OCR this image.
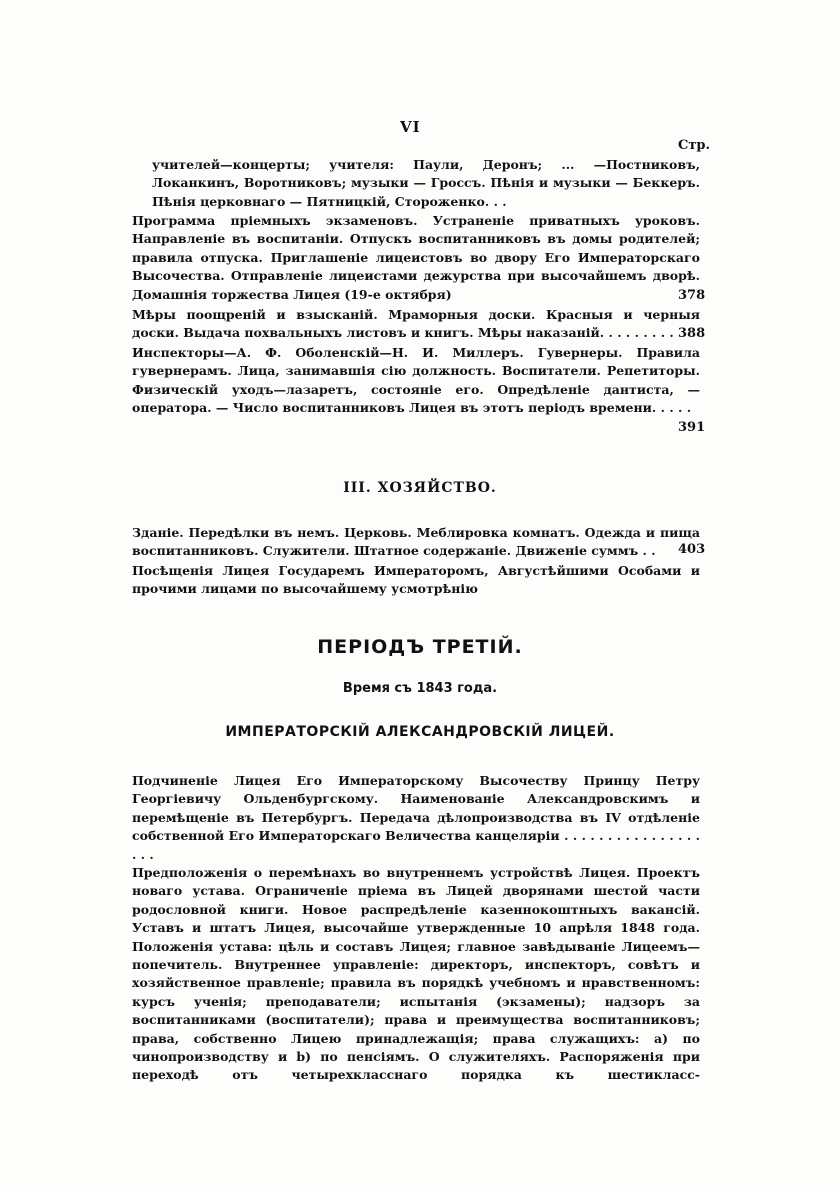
VI
Стр.

учителей—концерты; учителя: Паули, Деронъ; ... —Постниковъ, Локанкинъ, Воротниковъ; музыки — Гроссъ. Пѣнія и музыки — Беккеръ.

Пѣнія церковнаго — Пятницкій, Стороженко. . .

Программа пріемныхъ экзаменовъ. Устраненіе приватныхъ уроковъ. Направленіе въ воспитаніи. Отпускъ воспитанниковъ въ домы родителей; правила отпуска. Приглашеніе лицеистовъ во двору Его Императорскаго Высочества. Отправленіе лицеистами дежурства при высочайшемъ дворѣ. Домашнія торжества Лицея (19-е октября)	378

Мѣры поощреній и взысканій. Мраморныя доски. Красныя и черныя доски. Выдача похвальныхъ листовъ и книгъ. Мѣры наказаній. . . . . . . . . 388

Инспекторы—А. Ф. Оболенскій—Н. И. Миллеръ. Гувернеры. Правила гувернерамъ. Лица, занимавшія сію должность. Воспитатели. Репетиторы. Физическій уходъ—лазаретъ, состояніе его. Опредѣленіе дантиста, — оператора. — Число воспитанниковъ Лицея въ этотъ періодъ времени. . . . .

391
III. ХОЗЯЙСТВО.

Зданіе. Передѣлки въ немъ. Церковь. Меблировка комнатъ. Одежда и пища воспитанниковъ. Служители. Штатное содержаніе. Движеніе суммъ . .	403

Посѣщенія Лицея Государемъ Императоромъ, Августѣйшими Особами и прочими лицами по высочайшему усмотрѣнію

ПЕРІОДЪ ТРЕТІЙ.
Время съ 1843 года.
ИМПЕРАТОРСКІЙ АЛЕКСАНДРОВСКІЙ ЛИЦЕЙ.

Подчиненіе Лицея Его Императорскому Высочеству Принцу Петру Георгіевичу Ольденбургскому. Наименованіе Александровскимъ и перемѣщеніе въ Петербургъ. Передача дѣлопроизводства въ IV отдѣленіе собственной Его Императорскаго Величества канцеляріи . . . . . . . . . . . . . . . . . . .

Предположенія о перемѣнахъ во внутреннемъ устройствѣ Лицея. Проектъ новаго устава. Ограниченіе пріема въ Лицей дворянами шестой части родословной книги. Новое распредѣленіе казеннокоштныхъ вакансій. Уставъ и штатъ Лицея, высочайше утвержденные 10 апрѣля 1848 года. Положенія устава: цѣль и составъ Лицея; главное завѣдываніе Лицеемъ—попечитель. Внутреннее управленіе: директоръ, инспекторъ, совѣтъ и хозяйственное правленіе; правила въ порядкѣ учебномъ и нравственномъ: курсъ ученія; преподаватели; испытанія (экзамены); надзоръ за воспитанниками (воспитатели); права и преимущества воспитанниковъ; права, собственно Лицею принадлежащія; права служащихъ: а) по чинопроизводству и b) по пенсіямъ. О служителяхъ. Распоряженія при переходѣ отъ четырехкласснаго порядка къ шестикласс-
